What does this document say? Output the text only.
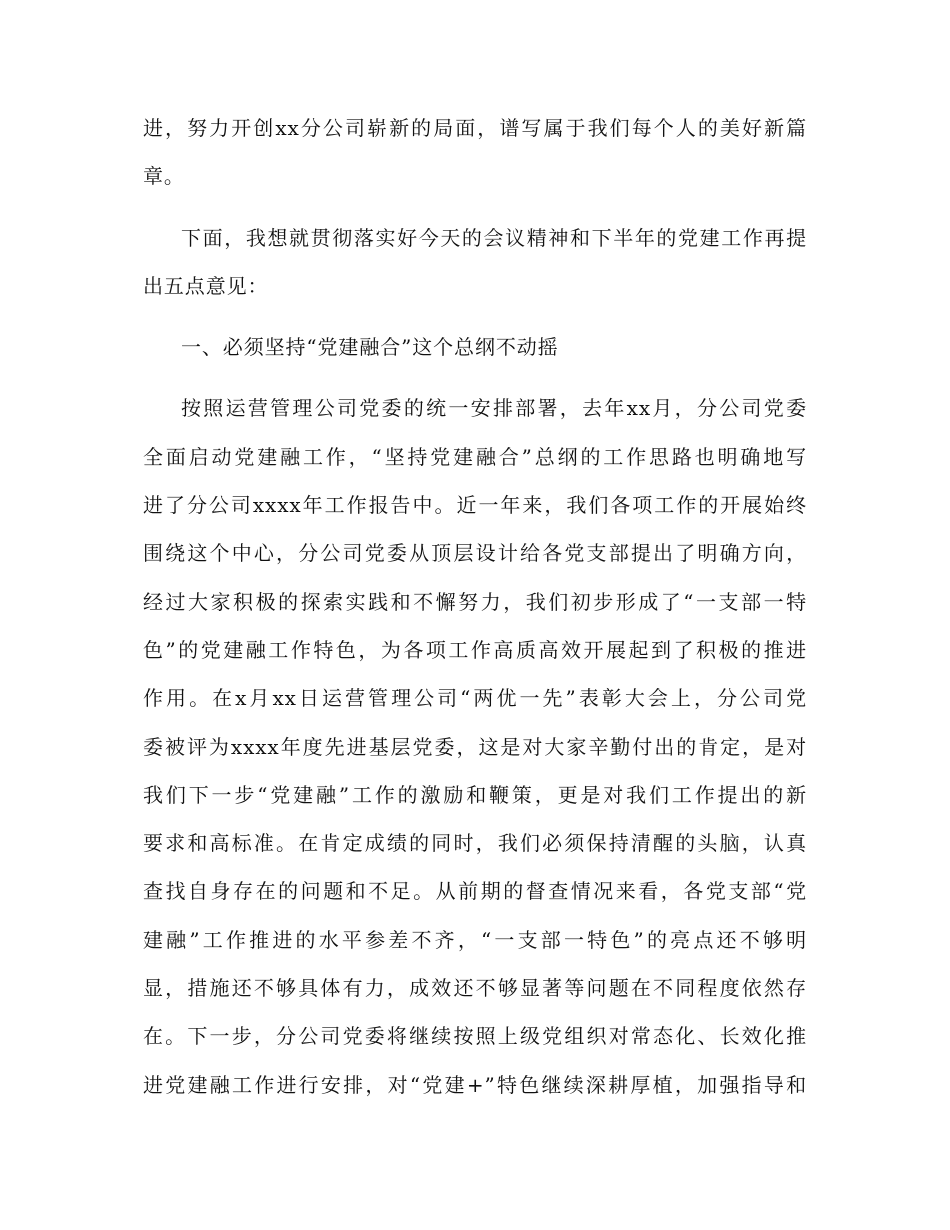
进，努力开创xx分公司崭新的局面，谱写属于我们每个人的美好新篇
章。
下面，我想就贯彻落实好今天的会议精神和下半年的党建工作再提
出五点意见：
一、必须坚持“党建融合”这个总纲不动摇
按照运营管理公司党委的统一安排部署，去年xx月，分公司党委
全面启动党建融工作，“坚持党建融合”总纲的工作思路也明确地写
进了分公司xxxx年工作报告中。近一年来，我们各项工作的开展始终
围绕这个中心，分公司党委从顶层设计给各党支部提出了明确方向，
经过大家积极的探索实践和不懈努力，我们初步形成了“一支部一特
色”的党建融工作特色，为各项工作高质高效开展起到了积极的推进
作用。在x月xx日运营管理公司“两优一先”表彰大会上，分公司党
委被评为xxxx年度先进基层党委，这是对大家辛勤付出的肯定，是对
我们下一步“党建融”工作的激励和鞭策，更是对我们工作提出的新
要求和高标准。在肯定成绩的同时，我们必须保持清醒的头脑，认真
查找自身存在的问题和不足。从前期的督查情况来看，各党支部“党
建融”工作推进的水平参差不齐，“一支部一特色”的亮点还不够明
显，措施还不够具体有力，成效还不够显著等问题在不同程度依然存
在。下一步，分公司党委将继续按照上级党组织对常态化、长效化推
进党建融工作进行安排，对“党建+”特色继续深耕厚植，加强指导和
